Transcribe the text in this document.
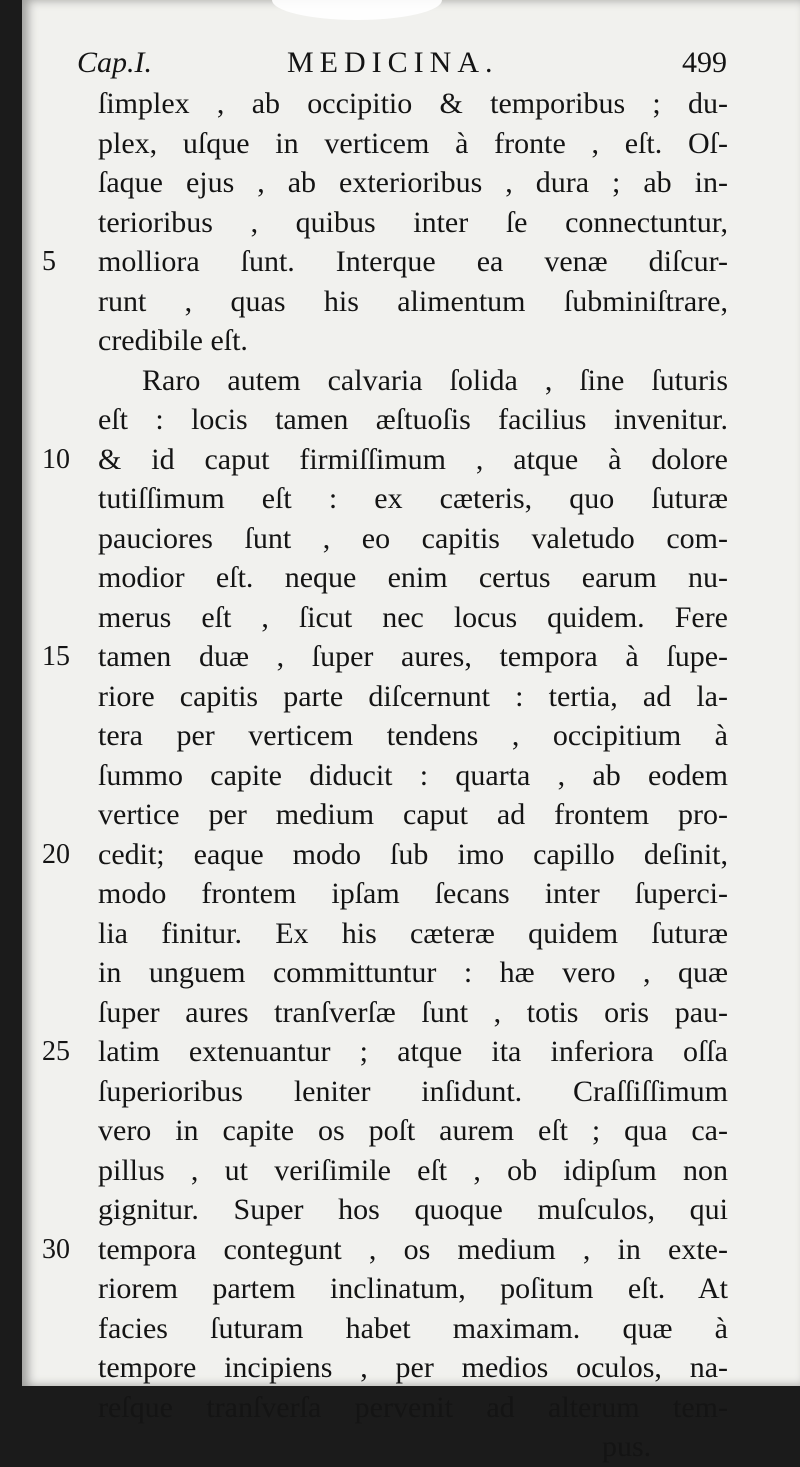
Cap.I.	MEDICINA.	499
ſimplex , ab occipitio & temporibus ; du-
plex, uſque in verticem à fronte , eſt. Oſ-
ſaque ejus , ab exterioribus , dura ; ab in-
terioribus , quibus inter ſe connectuntur,
5	molliora ſunt. Interque ea venæ diſcur-
runt , quas his alimentum ſubminiſtrare,
credibile eſt.
Raro autem calvaria ſolida , ſine ſuturis
eſt : locis tamen æſtuoſis facilius invenitur.
10 & id caput firmiſſimum , atque à dolore
tutiſſimum eſt : ex cæteris, quo ſuturæ
pauciores ſunt , eo capitis valetudo com-
modior eſt. neque enim certus earum nu-
merus eſt , ſicut nec locus quidem. Fere
15 tamen duæ , ſuper aures, tempora à ſupe-
riore capitis parte diſcernunt : tertia, ad la-
tera per verticem tendens , occipitium à
ſummo capite diducit : quarta , ab eodem
vertice per medium caput ad frontem pro-
20 cedit; eaque modo ſub imo capillo deſinit,
modo frontem ipſam ſecans inter ſuperci-
lia finitur. Ex his cæteræ quidem ſuturæ
in unguem committuntur : hæ vero , quæ
ſuper aures tranſverſæ ſunt , totis oris pau-
25 latim extenuantur ; atque ita inferiora oſſa
ſuperioribus leniter inſidunt. Craſſiſſimum
vero in capite os poſt aurem eſt ; qua ca-
pillus , ut veriſimile eſt , ob idipſum non
gignitur. Super hos quoque muſculos, qui
30 tempora contegunt , os medium , in exte-
riorem partem inclinatum, poſitum eſt. At
facies ſuturam habet maximam. quæ à
tempore incipiens , per medios oculos, na-
reſque tranſverſa pervenit ad alterum tem-
pus.
